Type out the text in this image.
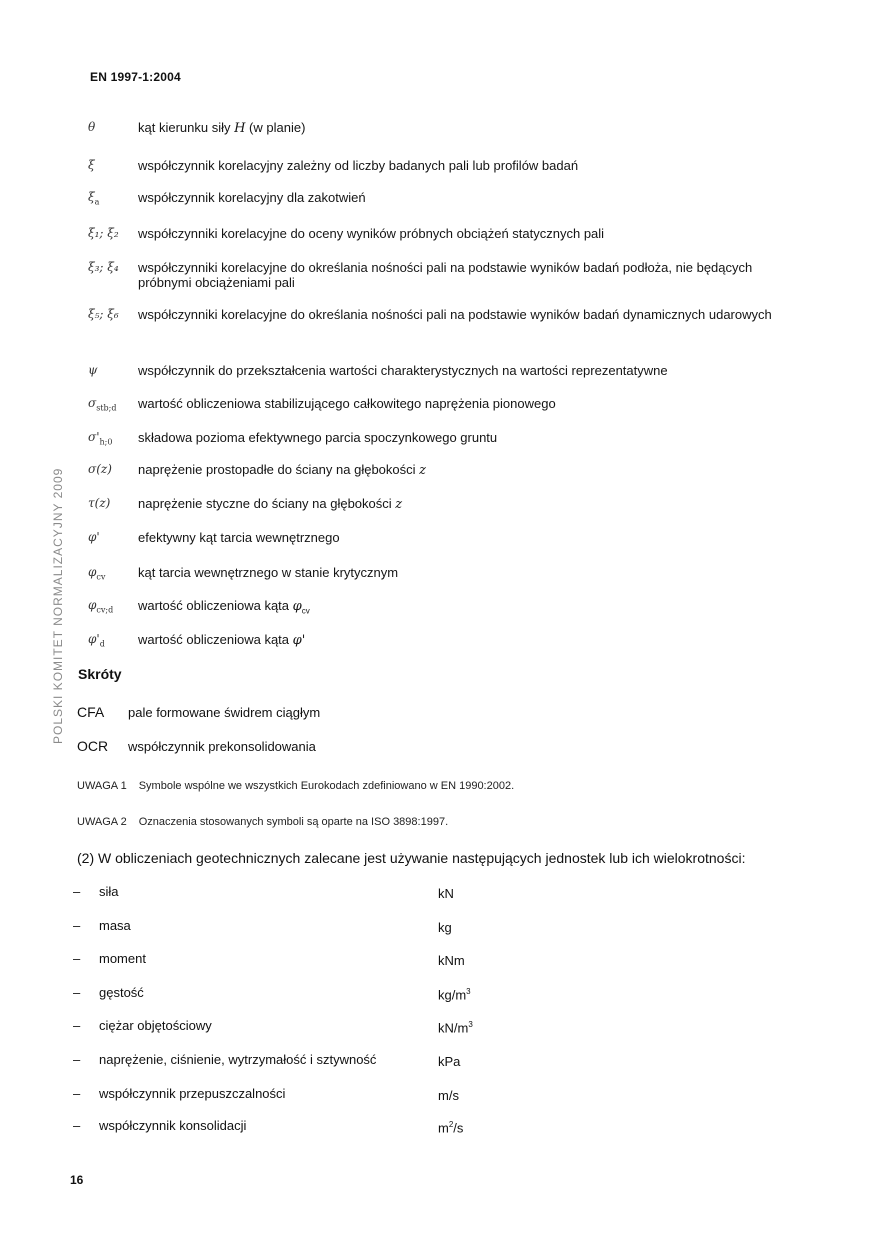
EN 1997-1:2004
POLSKI KOMITET NORMALIZACYJNY 2009
θ	kąt kierunku siły H (w planie)
ξ	współczynnik korelacyjny zależny od liczby badanych pali lub profilów badań
$\xi_a$	współczynnik korelacyjny dla zakotwień
ξ₁; ξ₂ współczynniki korelacyjne do oceny wyników próbnych obciążeń statycznych pali
ξ₃; ξ₄ współczynniki korelacyjne do określania nośności pali na podstawie wyników badań podłoża, nie będących próbnymi obciążeniami pali
ξ₅; ξ₆ współczynniki korelacyjne do określania nośności pali na podstawie wyników badań dynamicznych udarowych
ψ	współczynnik do przekształcenia wartości charakterystycznych na wartości reprezentatywne
$\sigma_{stb;d}$ wartość obliczeniowa stabilizującego całkowitego naprężenia pionowego
$\sigma'_{h;0}$ składowa pozioma efektywnego parcia spoczynkowego gruntu
σ(z) naprężenie prostopadłe do ściany na głębokości z
τ(z) naprężenie styczne do ściany na głębokości z
φ'	efektywny kąt tarcia wewnętrznego
$\varphi_{cv}$	kąt tarcia wewnętrznego w stanie krytycznym
$\varphi_{cv;d}$ wartość obliczeniowa kąta $\varphi_{cv}$
$\varphi'_d$	wartość obliczeniowa kąta φ'
Skróty
CFA pale formowane świdrem ciągłym
OCR współczynnik prekonsolidowania
UWAGA 1 Symbole wspólne we wszystkich Eurokodach zdefiniowano w EN 1990:2002.
UWAGA 2 Oznaczenia stosowanych symboli są oparte na ISO 3898:1997.
(2) W obliczeniach geotechnicznych zalecane jest używanie następujących jednostek lub ich wielokrotności:
– siła	kN
– masa	kg
– moment	kNm
– gęstość	$kg/m^3$
– ciężar objętościowy	$kN/m^3$
– naprężenie, ciśnienie, wytrzymałość i sztywność	kPa
– współczynnik przepuszczalności	m/s
– współczynnik konsolidacji	$m^2/s$
16
